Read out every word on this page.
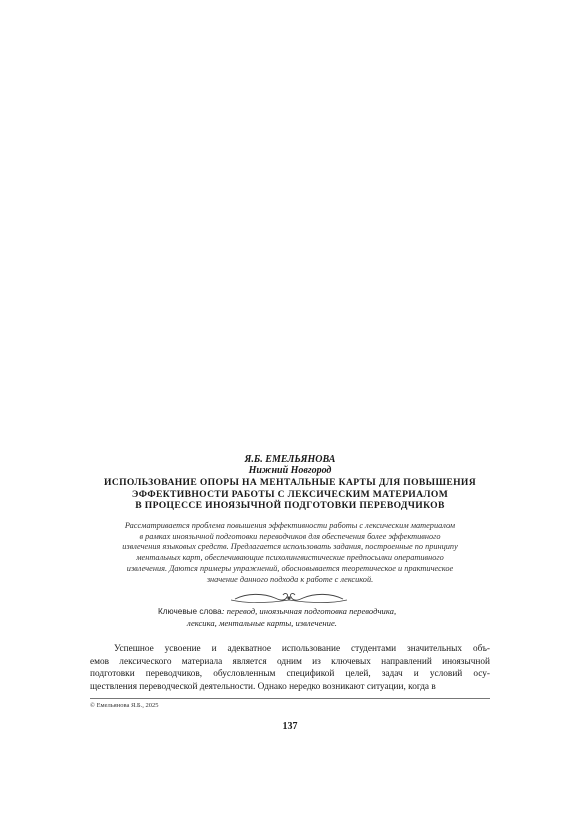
Я.Б. ЕМЕЛЬЯНОВА
Нижний Новгород
ИСПОЛЬЗОВАНИЕ ОПОРЫ НА МЕНТАЛЬНЫЕ КАРТЫ ДЛЯ ПОВЫШЕНИЯ
ЭФФЕКТИВНОСТИ РАБОТЫ С ЛЕКСИЧЕСКИМ МАТЕРИАЛОМ
В ПРОЦЕССЕ ИНОЯЗЫЧНОЙ ПОДГОТОВКИ ПЕРЕВОДЧИКОВ
Рассматривается проблема повышения эффективности работы с лексическим материалом
в рамках иноязычной подготовки переводчиков для обеспечения более эффективного
извлечения языковых средств. Предлагается использовать задания, построенные по принципу
ментальных карт, обеспечивающие психолингвистические предпосылки оперативного
извлечения. Даются примеры упражнений, обосновывается теоретическое и практическое
значение данного подхода к работе с лексикой.
Ключевые слова: перевод, иноязычная подготовка переводчика,
лексика, ментальные карты, извлечение.
Успешное усвоение и адекватное использование студентами значительных объ-
емов лексического материала является одним из ключевых направлений иноязычной
подготовки переводчиков, обусловленным спецификой целей, задач и условий осу-
ществления переводческой деятельности. Однако нередко возникают ситуации, когда в
© Емельянова Я.Б., 2025
137
